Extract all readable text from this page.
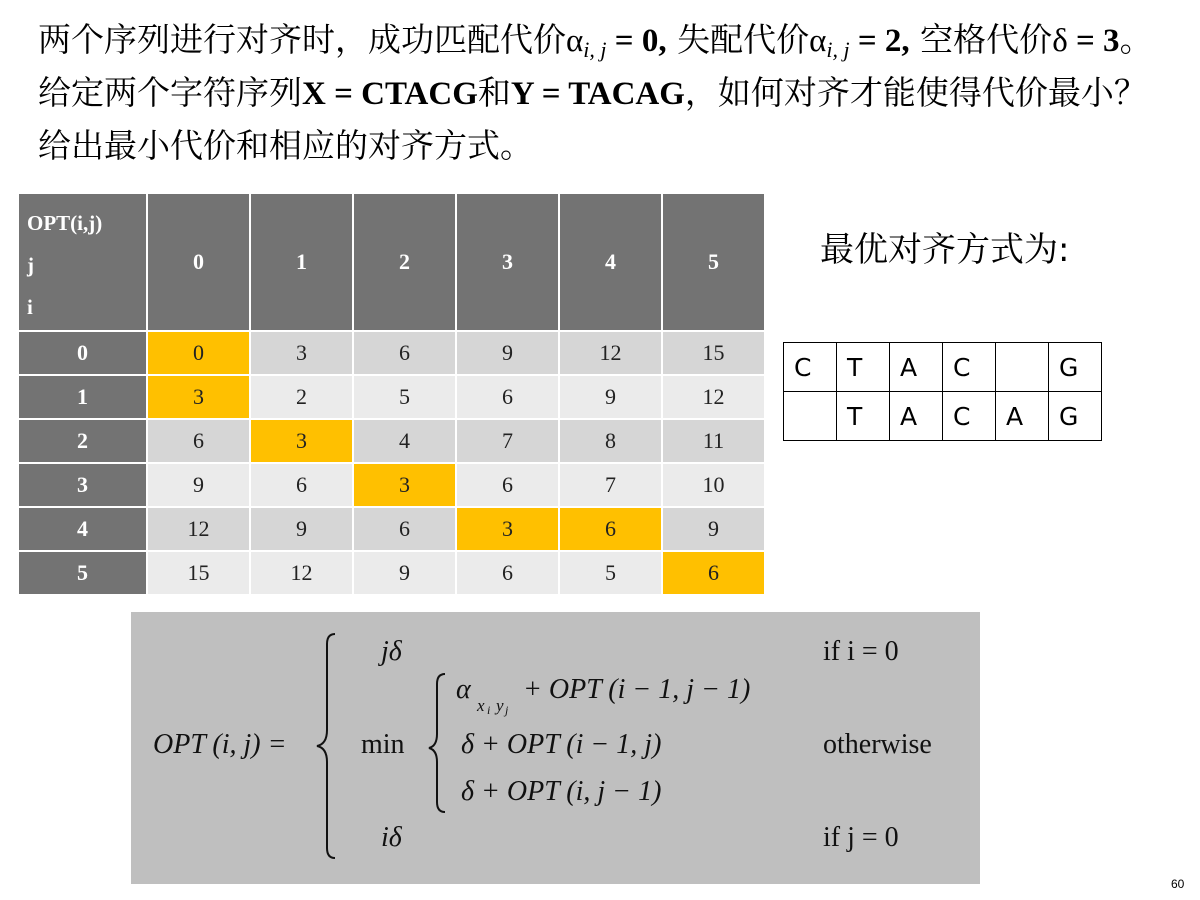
两个序列进行对齐时，成功匹配代价$\alpha_{i, j} = 0$, 失配代价$\alpha_{i, j} = 2$, 空格代价δ = 3。给定两个字符序列X = CTACG和Y = TACAG，如何对齐才能使得代价最小？给出最小代价和相应的对齐方式。
OPT(i,j)
j
i	0	1	2	3	4	5
0	0	3	6	9	12	15
1	3	2	5	6	9	12
2	6	3	4	7	8	11
3	9	6	3	6	7	10
4	12	9	6	3	6	9
5	15	12	9	6	5	6
最优对齐方式为:
C	T	A	C		G
	T	A	C	A	G
OPT (i, j) =
jδ	if i = 0
min
α
x i y j
+ OPT (i − 1, j − 1)
δ + OPT (i − 1, j)
δ + OPT (i, j − 1)
otherwise
iδ	if j = 0
60
